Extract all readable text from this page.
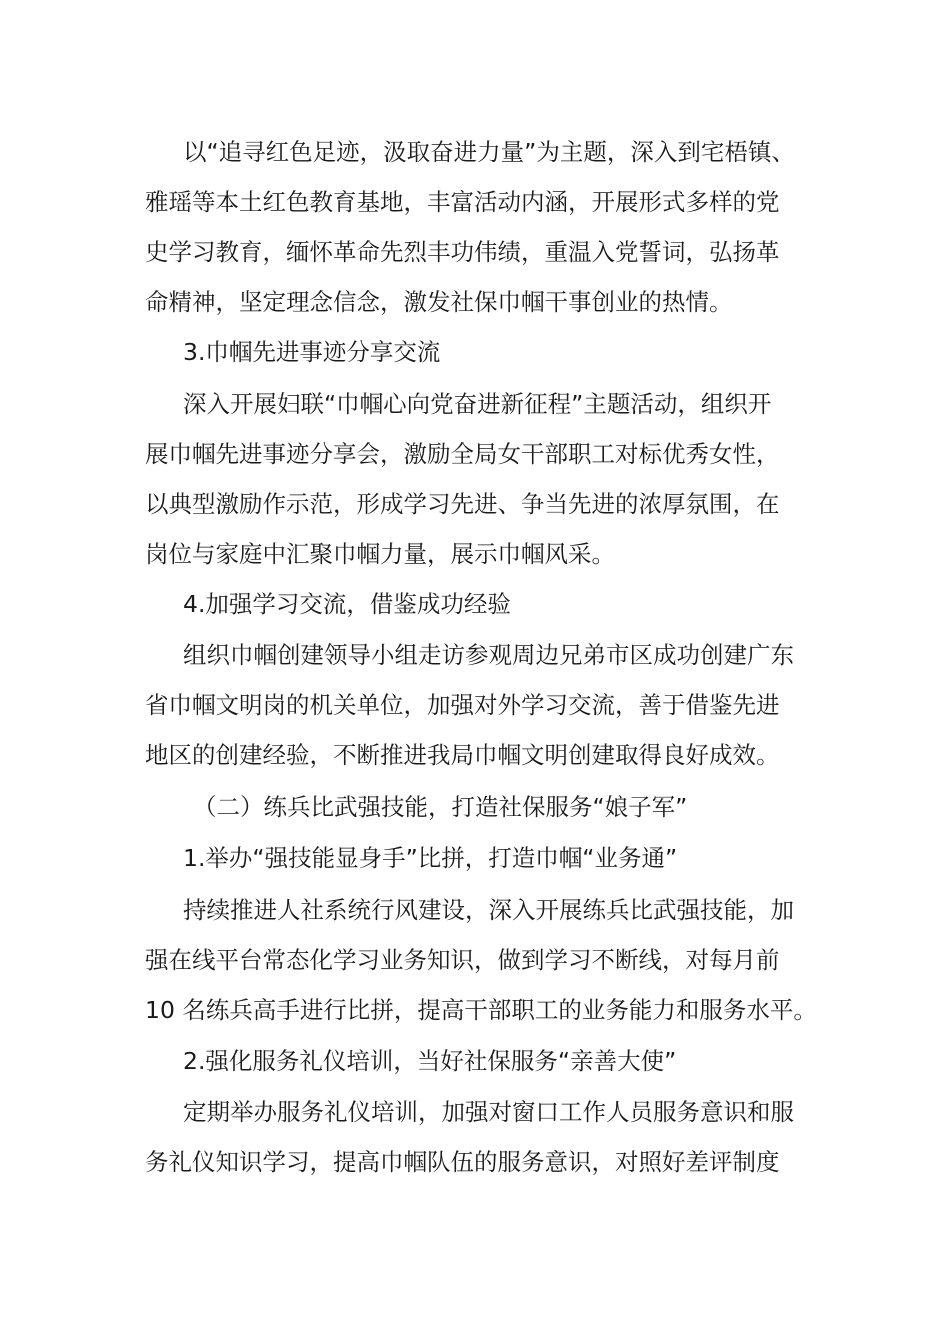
以“追寻红色足迹，汲取奋进力量”为主题，深入到宅梧镇、
雅瑶等本土红色教育基地，丰富活动内涵，开展形式多样的党
史学习教育，缅怀革命先烈丰功伟绩，重温入党誓词，弘扬革
命精神，坚定理念信念，激发社保巾帼干事创业的热情。
3.巾帼先进事迹分享交流
深入开展妇联“巾帼心向党奋进新征程”主题活动，组织开
展巾帼先进事迹分享会，激励全局女干部职工对标优秀女性，
以典型激励作示范，形成学习先进、争当先进的浓厚氛围，在
岗位与家庭中汇聚巾帼力量，展示巾帼风采。
4.加强学习交流，借鉴成功经验
组织巾帼创建领导小组走访参观周边兄弟市区成功创建广东
省巾帼文明岗的机关单位，加强对外学习交流，善于借鉴先进
地区的创建经验，不断推进我局巾帼文明创建取得良好成效。
（二）练兵比武强技能，打造社保服务“娘子军”
1.举办“强技能显身手”比拼，打造巾帼“业务通”
持续推进人社系统行风建设，深入开展练兵比武强技能，加
强在线平台常态化学习业务知识，做到学习不断线，对每月前
10 名练兵高手进行比拼，提高干部职工的业务能力和服务水平。
2.强化服务礼仪培训，当好社保服务“亲善大使”
定期举办服务礼仪培训，加强对窗口工作人员服务意识和服
务礼仪知识学习，提高巾帼队伍的服务意识，对照好差评制度
